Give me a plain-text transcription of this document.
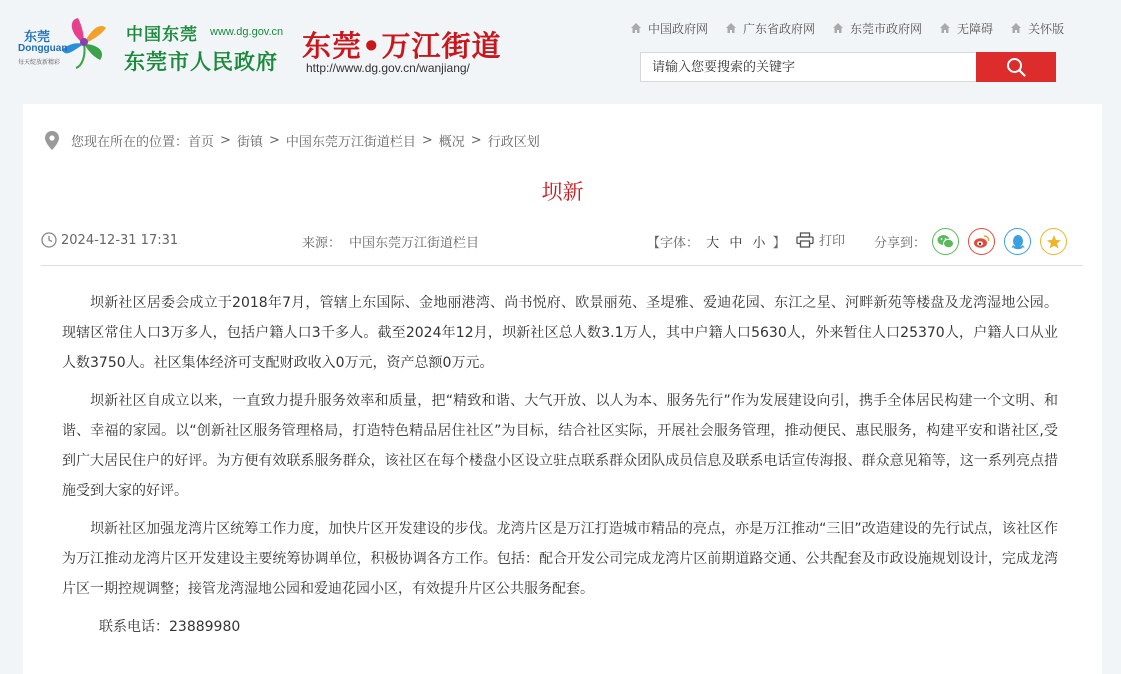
东莞
Dongguan
每天绽放新精彩
中国东莞 www.dg.gov.cn
东莞市人民政府 东莞•万江街道
http://www.dg.gov.cn/wanjiang/
中国政府网	广东省政府网	东莞市政府网	无障碍	关怀版
请输入您要搜索的关键字
您现在所在的位置： 首页 > 街镇 > 中国东莞万江街道栏目 > 概况 > 行政区划
坝新
2024-12-31 17:31	来源： 中国东莞万江街道栏目	【字体： 大 中 小 】	打印 分享到：

坝新社区居委会成立于2018年7月，管辖上东国际、金地丽港湾、尚书悦府、欧景丽苑、圣堤雅、爱迪花园、东江之星、河畔新苑等楼盘及龙湾湿地公园。现辖区常住人口3万多人，包括户籍人口3千多人。截至2024年12月，坝新社区总人数3.1万人，其中户籍人口5630人，外来暂住人口25370人，户籍人口从业人数3750人。社区集体经济可支配财政收入0万元，资产总额0万元。

坝新社区自成立以来，一直致力提升服务效率和质量，把“精致和谐、大气开放、以人为本、服务先行”作为发展建设向引，携手全体居民构建一个文明、和谐、幸福的家园。以“创新社区服务管理格局，打造特色精品居住社区”为目标，结合社区实际，开展社会服务管理，推动便民、惠民服务，构建平安和谐社区,受到广大居民住户的好评。为方便有效联系服务群众，该社区在每个楼盘小区设立驻点联系群众团队成员信息及联系电话宣传海报、群众意见箱等，这一系列亮点措施受到大家的好评。

坝新社区加强龙湾片区统筹工作力度，加快片区开发建设的步伐。龙湾片区是万江打造城市精品的亮点，亦是万江推动“三旧”改造建设的先行试点，该社区作为万江推动龙湾片区开发建设主要统筹协调单位，积极协调各方工作。包括：配合开发公司完成龙湾片区前期道路交通、公共配套及市政设施规划设计，完成龙湾片区一期控规调整；接管龙湾湿地公园和爱迪花园小区，有效提升片区公共服务配套。

联系电话：23889980
